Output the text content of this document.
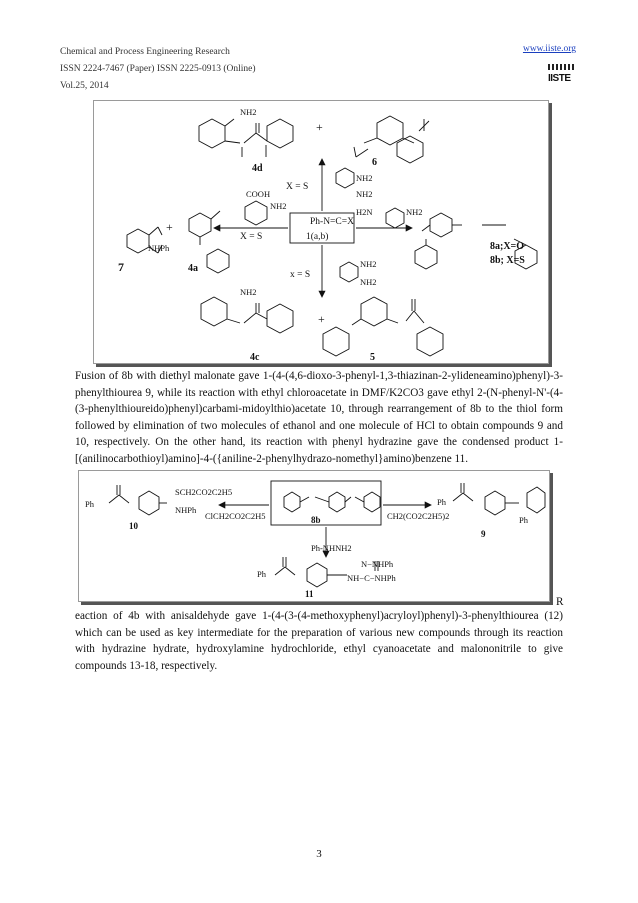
Chemical and Process Engineering Research
ISSN 2224-7467 (Paper) ISSN 2225-0913 (Online)
Vol.25, 2014
www.iiste.org
IISTE
Ph-N=C=X
1(a,b)
X = S
X = S
x = S
COOH
NH2
NH2
NH2
NH2
NH2
H2N	NH2
NH2
NH2
NHPh
+
+
+
7	4a
4d
6
4c	5
8a;X=O
8b; X=S

Fusion of 8b with diethyl malonate gave 1-(4-(4,6-dioxo-3-phenyl-1,3-thiazinan-2-ylideneamino)phenyl)-3-phenylthiourea 9, while its reaction with ethyl chloroacetate in DMF/K2CO3 gave ethyl 2-(N-phenyl-N'-(4-(3-phenylthioureido)phenyl)carbami-midoylthio)acetate 10, through rearrangement of 8b to the thiol form followed by elimination of two molecules of ethanol and one molecule of HCl to obtain compounds 9 and 10, respectively. On the other hand, its reaction with phenyl hydrazine gave the condensed product 1-[(anilinocarbothioyl)amino]-4-({aniline-2-phenylhydrazo-nomethyl}amino)benzene 11.

Ph
SCH2CO2C2H5
NHPh
10
ClCH2CO2C2H5	CH2(CO2C2H5)2
8b
Ph
Ph
9
Ph-NHNH2
Ph
N−NHPh
NH−C−NHPh
11
R

eaction of 4b with anisaldehyde gave 1-(4-(3-(4-methoxyphenyl)acryloyl)phenyl)-3-phenylthiourea (12) which can be used as key intermediate for the preparation of various new compounds through its reaction with hydrazine hydrate, hydroxylamine hydrochloride, ethyl cyanoacetate and malononitrile to give compounds 13-18, respectively.

3
